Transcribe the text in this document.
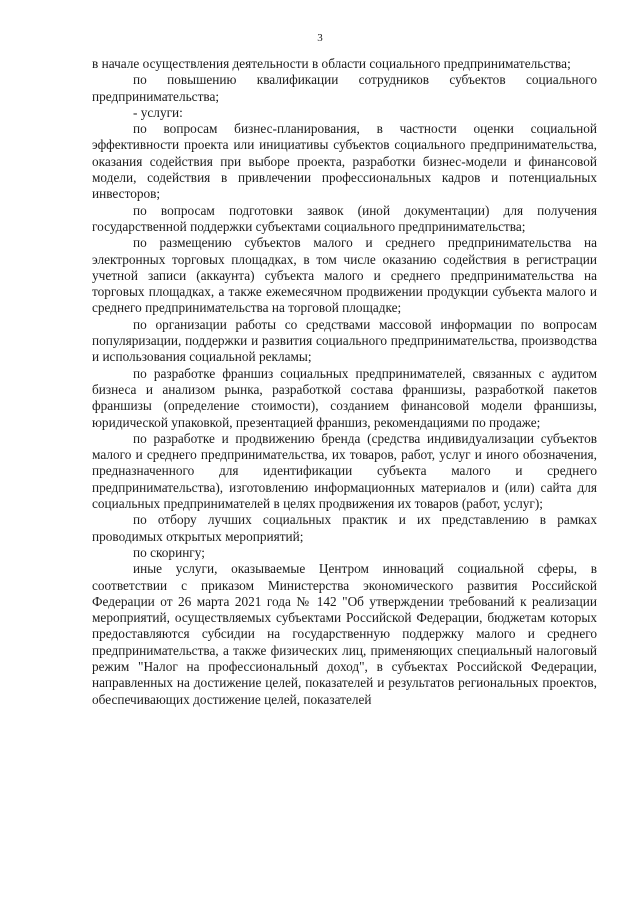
3

в начале осуществления деятельности в области социального предпринимательства;

по повышению квалификации сотрудников субъектов социального предпринимательства;

- услуги:

по вопросам бизнес-планирования, в частности оценки социальной эффективности проекта или инициативы субъектов социального предпринимательства, оказания содействия при выборе проекта, разработки бизнес-модели и финансовой модели, содействия в привлечении профессиональных кадров и потенциальных инвесторов;

по вопросам подготовки заявок (иной документации) для получения государственной поддержки субъектами социального предпринимательства;

по размещению субъектов малого и среднего предпринимательства на электронных торговых площадках, в том числе оказанию содействия в регистрации учетной записи (аккаунта) субъекта малого и среднего предпринимательства на торговых площадках, а также ежемесячном продвижении продукции субъекта малого и среднего предпринимательства на торговой площадке;

по организации работы со средствами массовой информации по вопросам популяризации, поддержки и развития социального предпринимательства, производства и использования социальной рекламы;

по разработке франшиз социальных предпринимателей, связанных с аудитом бизнеса и анализом рынка, разработкой состава франшизы, разработкой пакетов франшизы (определение стоимости), созданием финансовой модели франшизы, юридической упаковкой, презентацией франшиз, рекомендациями по продаже;

по разработке и продвижению бренда (средства индивидуализации субъектов малого и среднего предпринимательства, их товаров, работ, услуг и иного обозначения, предназначенного для идентификации субъекта малого и среднего предпринимательства), изготовлению информационных материалов и (или) сайта для социальных предпринимателей в целях продвижения их товаров (работ, услуг);

по отбору лучших социальных практик и их представлению в рамках проводимых открытых мероприятий;

по скорингу;

иные услуги, оказываемые Центром инноваций социальной сферы, в соответствии с приказом Министерства экономического развития Российской Федерации от 26 марта 2021 года № 142 "Об утверждении требований к реализации мероприятий, осуществляемых субъектами Российской Федерации, бюджетам которых предоставляются субсидии на государственную поддержку малого и среднего предпринимательства, а также физических лиц, применяющих специальный налоговый режим "Налог на профессиональный доход", в субъектах Российской Федерации, направленных на достижение целей, показателей и результатов региональных проектов, обеспечивающих достижение целей, показателей
